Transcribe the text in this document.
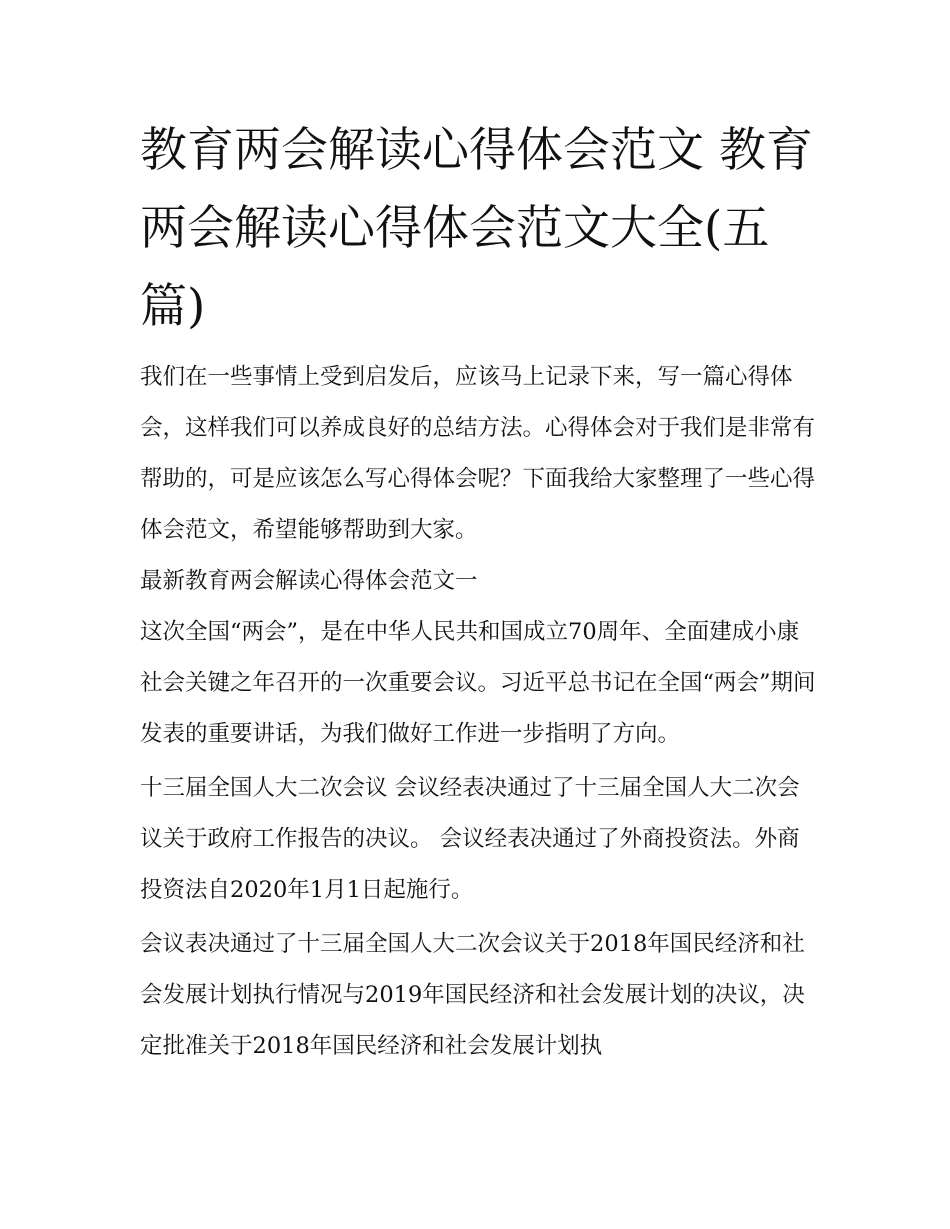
教育两会解读心得体会范文 教育两会解读心得体会范文大全(五篇)

我们在一些事情上受到启发后，应该马上记录下来，写一篇心得体会，这样我们可以养成良好的总结方法。心得体会对于我们是非常有帮助的，可是应该怎么写心得体会呢？下面我给大家整理了一些心得体会范文，希望能够帮助到大家。

最新教育两会解读心得体会范文一

这次全国“两会”，是在中华人民共和国成立70周年、全面建成小康社会关键之年召开的一次重要会议。习近平总书记在全国“两会”期间发表的重要讲话，为我们做好工作进一步指明了方向。

十三届全国人大二次会议 会议经表决通过了十三届全国人大二次会议关于政府工作报告的决议。 会议经表决通过了外商投资法。外商投资法自2020年1月1日起施行。

会议表决通过了十三届全国人大二次会议关于2018年国民经济和社会发展计划执行情况与2019年国民经济和社会发展计划的决议，决定批准关于2018年国民经济和社会发展计划执
